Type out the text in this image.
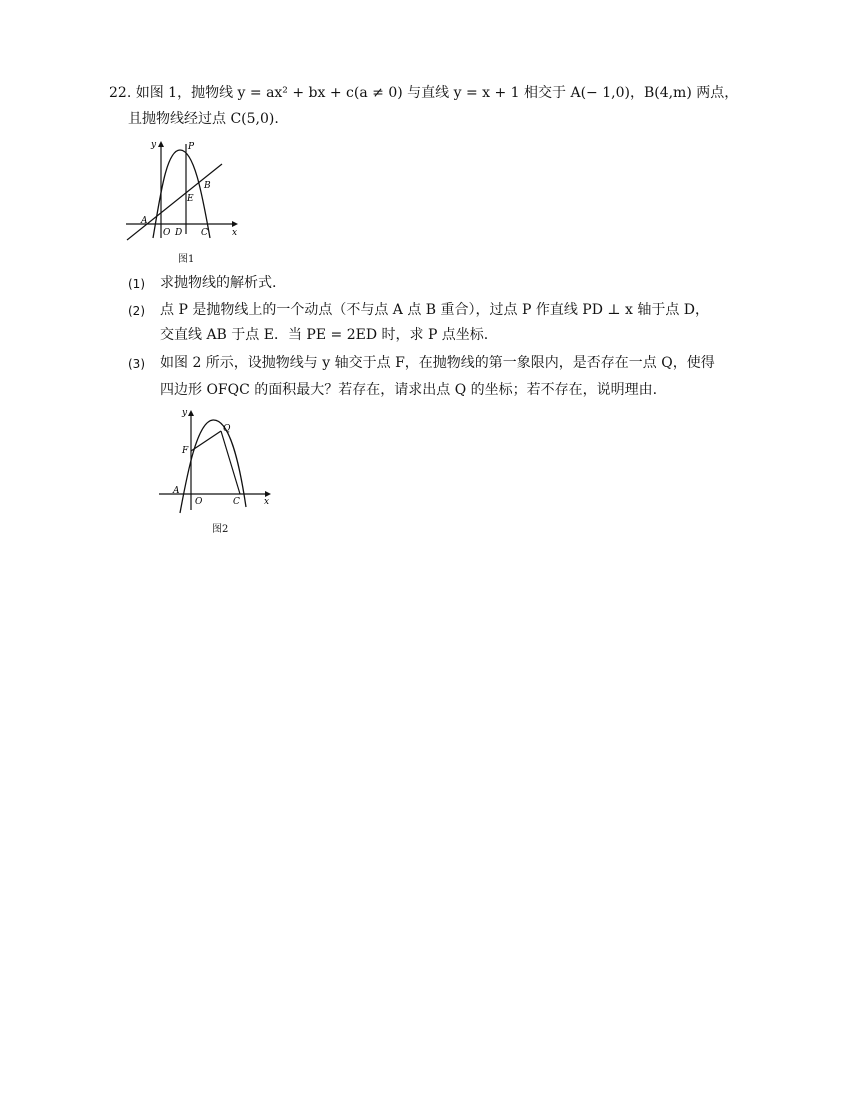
22. 如图 1，抛物线 y = ax² + bx + c(a ≠ 0) 与直线 y = x + 1 相交于 A(− 1,0)，B(4,m) 两点，
且抛物线经过点 C(5,0).
y	P
B
E
A
O D C	x
图1
(1) 求抛物线的解析式.
(2) 点 P 是抛物线上的一个动点（不与点 A 点 B 重合），过点 P 作直线 PD ⊥ x 轴于点 D，
交直线 AB 于点 E．当 PE = 2ED 时，求 P 点坐标.
(3) 如图 2 所示，设抛物线与 y 轴交于点 F，在抛物线的第一象限内，是否存在一点 Q，使得
四边形 OFQC 的面积最大？若存在，请求出点 Q 的坐标；若不存在，说明理由.
y
Q
F
A
O	C	x
图2
